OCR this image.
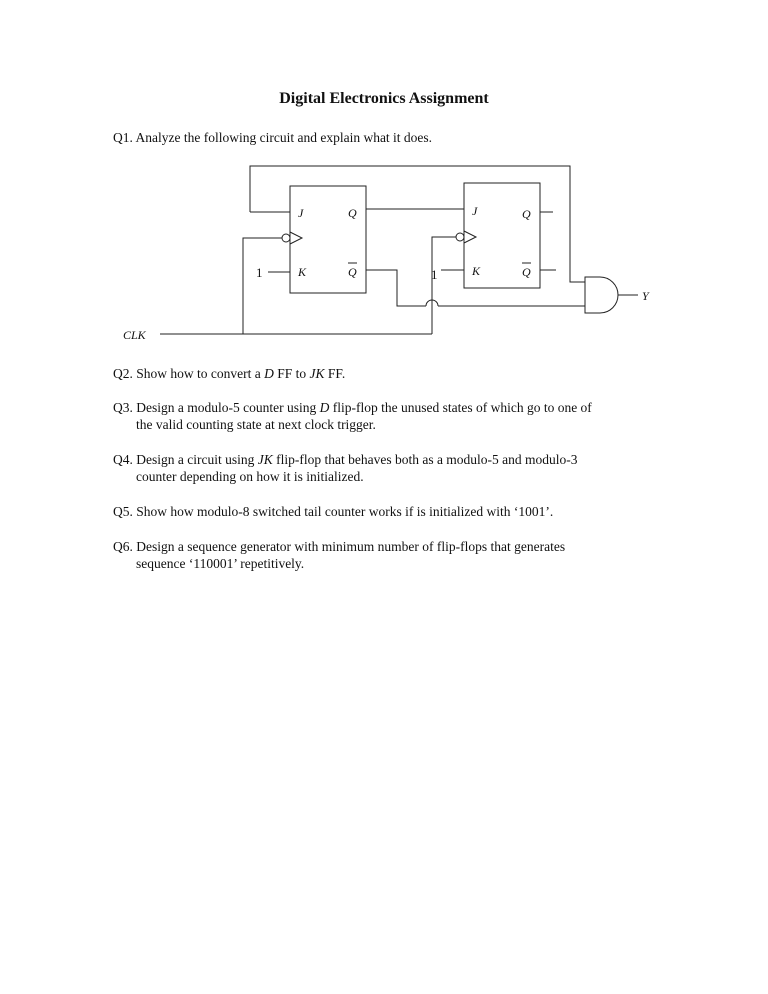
Digital Electronics Assignment
Q1. Analyze the following circuit and explain what it does.
J	Q
K	Q
J	Q
K	Q
1	1
CLK
Y
Q2. Show how to convert a D FF to JK FF.
Q3. Design a modulo-5 counter using D flip-flop the unused states of which go to one of
the valid counting state at next clock trigger.
Q4. Design a circuit using JK flip-flop that behaves both as a modulo-5 and modulo-3
counter depending on how it is initialized.
Q5. Show how modulo-8 switched tail counter works if is initialized with ‘1001’.
Q6. Design a sequence generator with minimum number of flip-flops that generates
sequence ‘110001’ repetitively.
